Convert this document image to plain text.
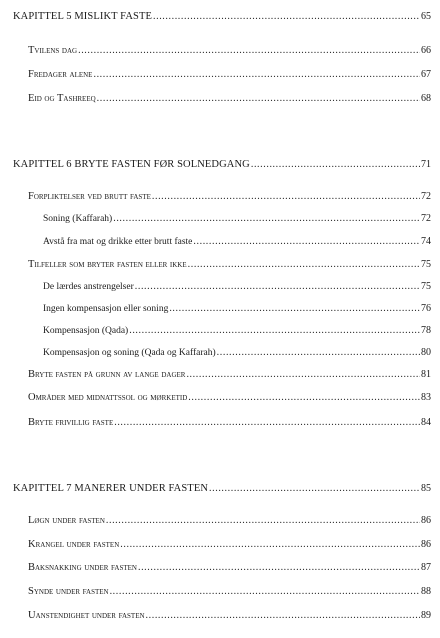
KAPITTEL 5 MISLIKT FASTE .....	65
Tvilens dag .....	66
Fredager alene .....	67
Eid og Tashreeq .....	68
KAPITTEL 6 BRYTE FASTEN FØR SOLNEDGANG .....	71
Forpliktelser ved brutt faste .....	72
Soning (Kaffarah) .....	72
Avstå fra mat og drikke etter brutt faste .....	74
Tilfeller som bryter fasten eller ikke .....	75
De lærdes anstrengelser .....	75
Ingen kompensasjon eller soning .....	76
Kompensasjon (Qada) .....	78
Kompensasjon og soning (Qada og Kaffarah) .....	80
Bryte fasten på grunn av lange dager .....	81
Områder med midnattssol og mørketid .....	83
Bryte frivillig faste .....	84
KAPITTEL 7 MANERER UNDER FASTEN .....	85
Løgn under fasten .....	86
Krangel under fasten .....	86
Baksnakking under fasten .....	87
Synde under fasten .....	88
Uanstendighet under fasten .....	89
